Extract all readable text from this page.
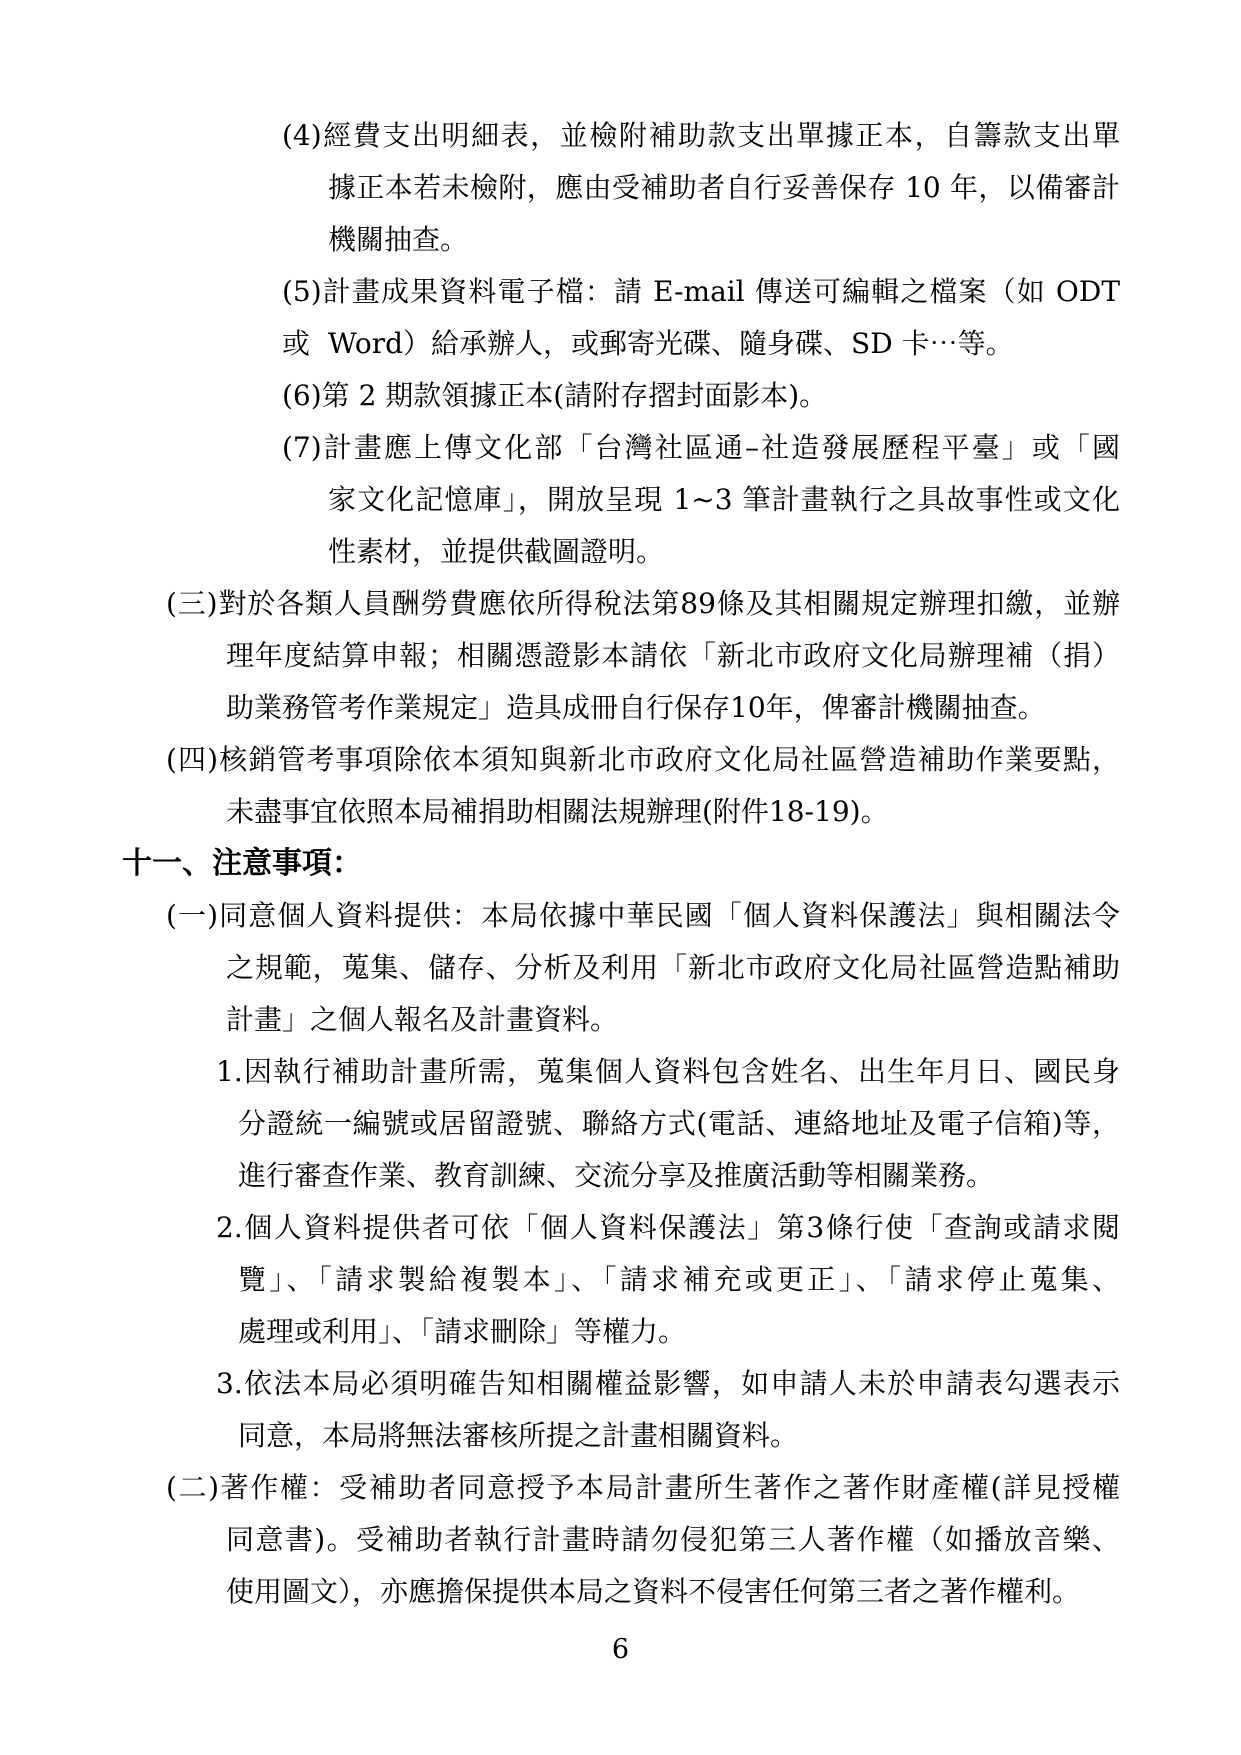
(4)經費支出明細表，並檢附補助款支出單據正本，自籌款支出單
據正本若未檢附，應由受補助者自行妥善保存 10 年，以備審計
機關抽查。
(5)計畫成果資料電子檔：請 E-mail 傳送可編輯之檔案（如 ODT 或 Word）給承辦人，或郵寄光碟、隨身碟、SD 卡⋯等。
(6)第 2 期款領據正本(請附存摺封面影本)。
(7)計畫應上傳文化部「台灣社區通–社造發展歷程平臺」或「國
家文化記憶庫」，開放呈現 1~3 筆計畫執行之具故事性或文化
性素材，並提供截圖證明。
(三)對於各類人員酬勞費應依所得稅法第89條及其相關規定辦理扣繳，並辦
理年度結算申報；相關憑證影本請依「新北市政府文化局辦理補（捐）
助業務管考作業規定」造具成冊自行保存10年，俾審計機關抽查。
(四)核銷管考事項除依本須知與新北市政府文化局社區營造補助作業要點，
未盡事宜依照本局補捐助相關法規辦理(附件18-19)。
十一、注意事項：
(一)同意個人資料提供：本局依據中華民國「個人資料保護法」與相關法令
之規範，蒐集、儲存、分析及利用「新北市政府文化局社區營造點補助
計畫」之個人報名及計畫資料。
1.因執行補助計畫所需，蒐集個人資料包含姓名、出生年月日、國民身
分證統一編號或居留證號、聯絡方式(電話、連絡地址及電子信箱)等，
進行審查作業、教育訓練、交流分享及推廣活動等相關業務。
2.個人資料提供者可依「個人資料保護法」第3條行使「查詢或請求閱
覽」、「請求製給複製本」、「請求補充或更正」、「請求停止蒐集、
處理或利用」、「請求刪除」等權力。
3.依法本局必須明確告知相關權益影響，如申請人未於申請表勾選表示
同意，本局將無法審核所提之計畫相關資料。
(二)著作權：受補助者同意授予本局計畫所生著作之著作財產權(詳見授權
同意書)。受補助者執行計畫時請勿侵犯第三人著作權（如播放音樂、
使用圖文），亦應擔保提供本局之資料不侵害任何第三者之著作權利。
6
